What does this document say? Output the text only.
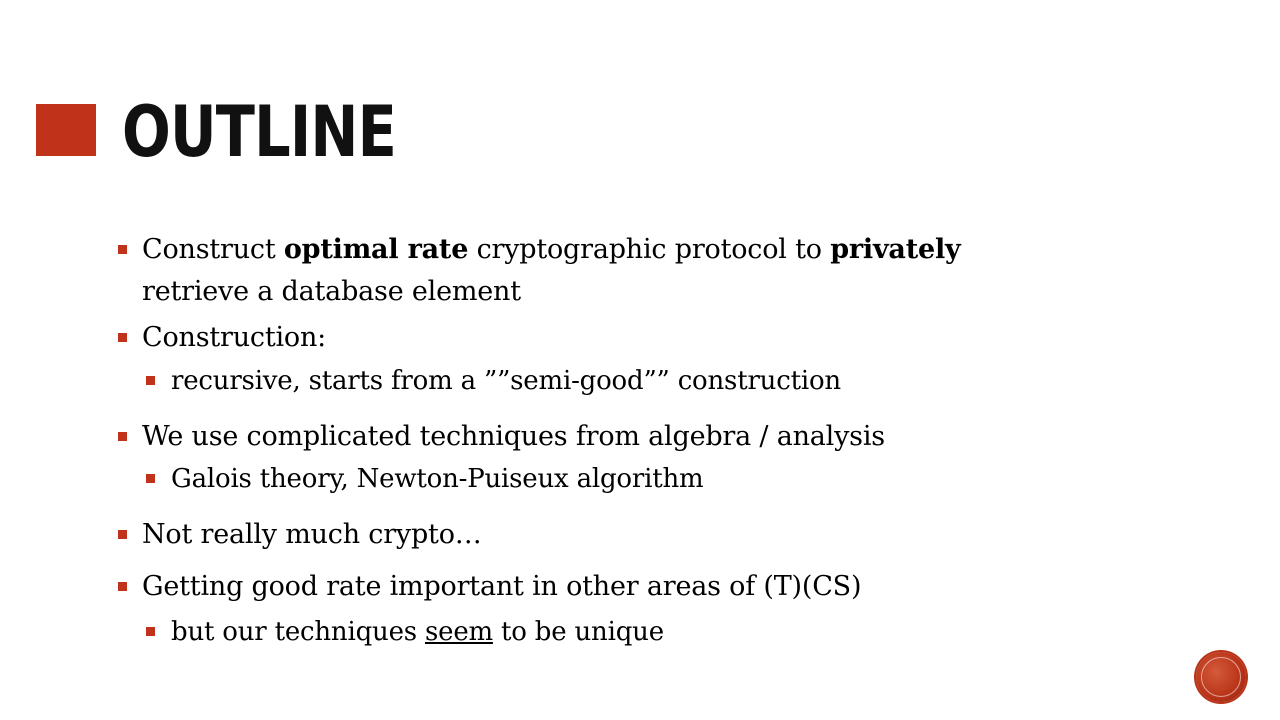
OUTLINE
Construct optimal rate cryptographic protocol to privately
retrieve a database element
Construction:
recursive, starts from a ””semi-good”” construction
We use complicated techniques from algebra / analysis
Galois theory, Newton-Puiseux algorithm
Not really much crypto…
Getting good rate important in other areas of (T)(CS)
but our techniques seem to be unique
